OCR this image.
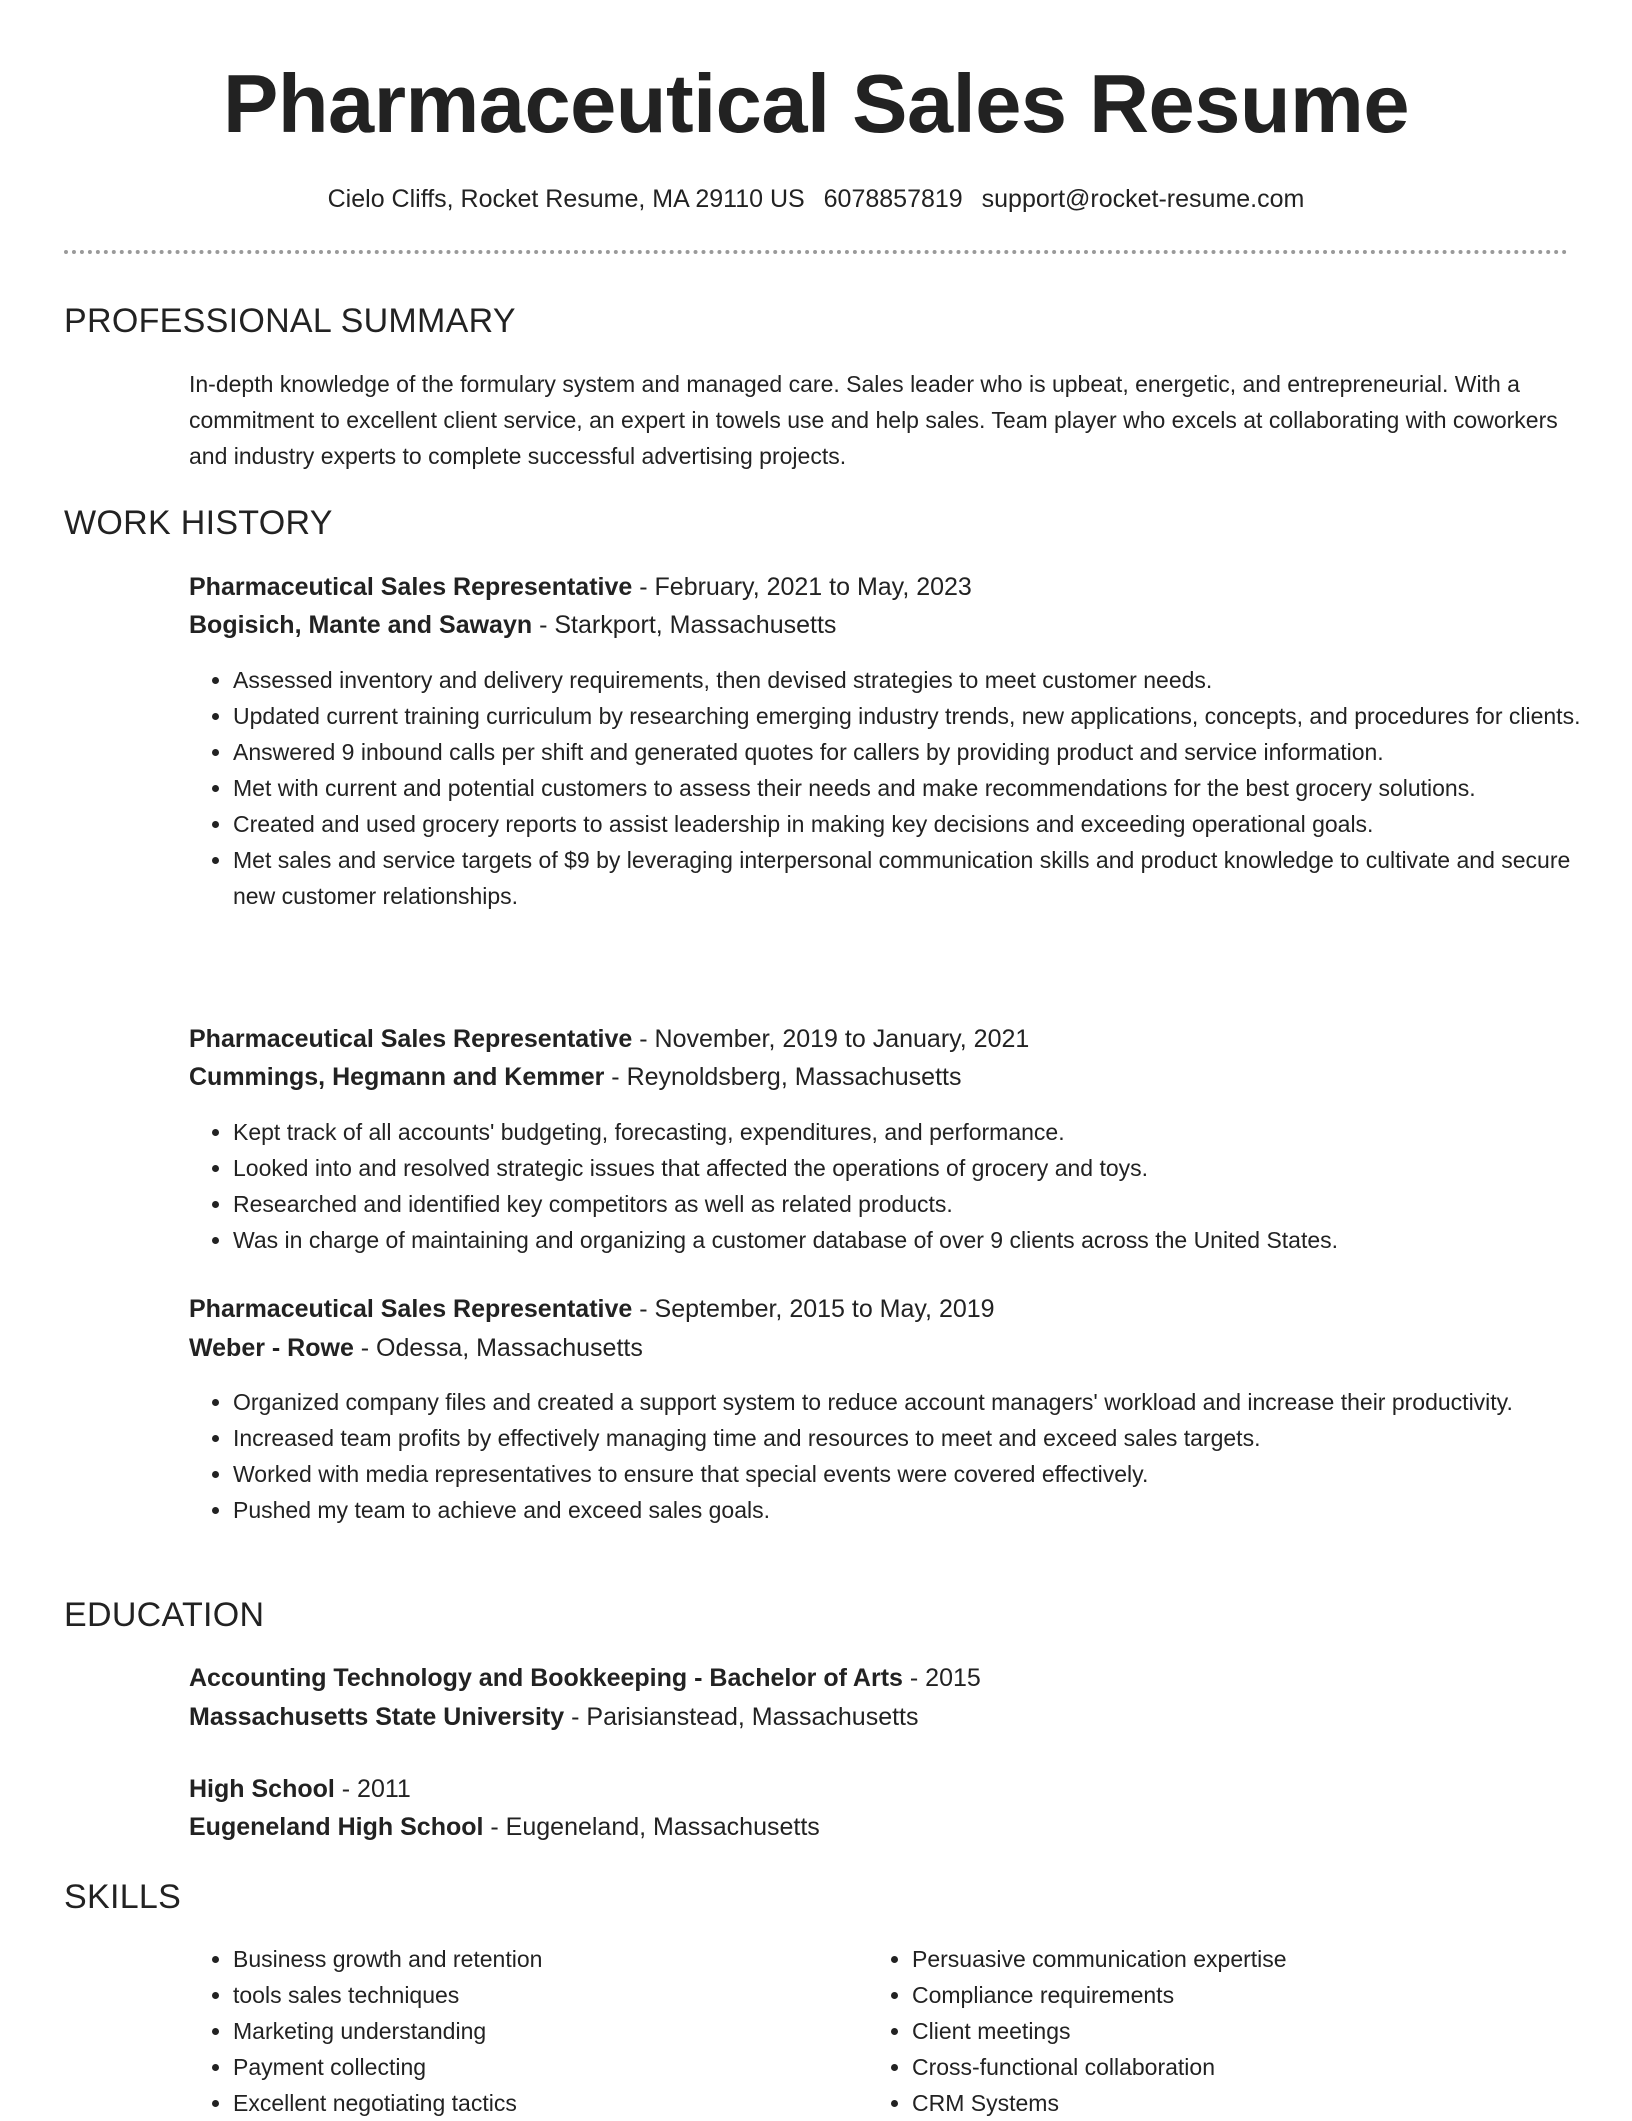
Pharmaceutical Sales Resume
Cielo Cliffs, Rocket Resume, MA 29110 US 6078857819 support@rocket-resume.com
PROFESSIONAL SUMMARY

In-depth knowledge of the formulary system and managed care. Sales leader who is upbeat, energetic, and entrepreneurial. With a commitment to excellent client service, an expert in towels use and help sales. Team player who excels at collaborating with coworkers and industry experts to complete successful advertising projects.

WORK HISTORY
Pharmaceutical Sales Representative - February, 2021 to May, 2023
Bogisich, Mante and Sawayn - Starkport, Massachusetts
• Assessed inventory and delivery requirements, then devised strategies to meet customer needs.
• Updated current training curriculum by researching emerging industry trends, new applications, concepts, and procedures for clients.
• Answered 9 inbound calls per shift and generated quotes for callers by providing product and service information.
• Met with current and potential customers to assess their needs and make recommendations for the best grocery solutions.
• Created and used grocery reports to assist leadership in making key decisions and exceeding operational goals.
• Met sales and service targets of $9 by leveraging interpersonal communication skills and product knowledge to cultivate and secure new customer relationships.
Pharmaceutical Sales Representative - November, 2019 to January, 2021
Cummings, Hegmann and Kemmer - Reynoldsberg, Massachusetts
• Kept track of all accounts' budgeting, forecasting, expenditures, and performance.
• Looked into and resolved strategic issues that affected the operations of grocery and toys.
• Researched and identified key competitors as well as related products.
• Was in charge of maintaining and organizing a customer database of over 9 clients across the United States.
Pharmaceutical Sales Representative - September, 2015 to May, 2019
Weber - Rowe - Odessa, Massachusetts
• Organized company files and created a support system to reduce account managers' workload and increase their productivity.
• Increased team profits by effectively managing time and resources to meet and exceed sales targets.
• Worked with media representatives to ensure that special events were covered effectively.
• Pushed my team to achieve and exceed sales goals.
EDUCATION
Accounting Technology and Bookkeeping - Bachelor of Arts - 2015
Massachusetts State University - Parisianstead, Massachusetts
High School - 2011
Eugeneland High School - Eugeneland, Massachusetts
SKILLS
• Business growth and retention
• tools sales techniques
• Marketing understanding
• Payment collecting
• Excellent negotiating tactics
• Persuasive communication expertise
• Compliance requirements
• Client meetings
• Cross-functional collaboration
• CRM Systems
